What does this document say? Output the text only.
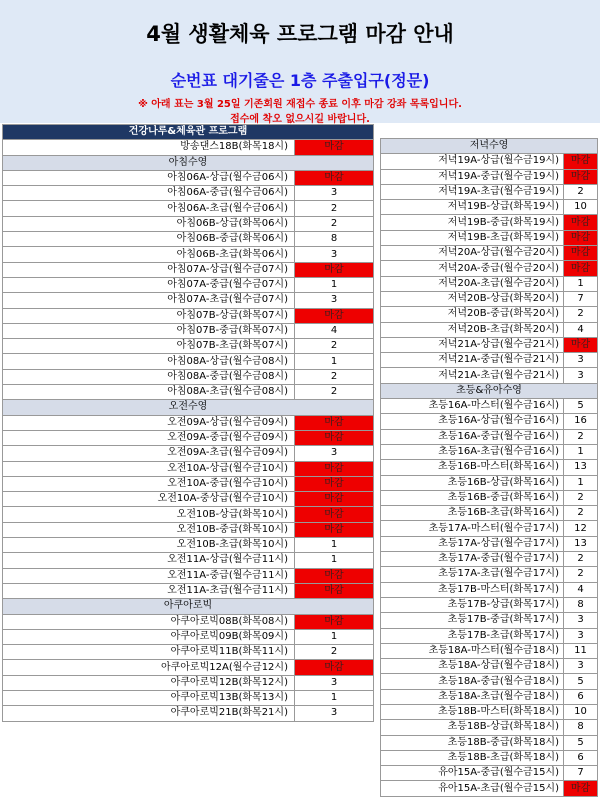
4월 생활체육 프로그램 마감 안내
순번표 대기줄은 1층 주출입구(정문)
※ 아래 표는 3월 25일 기존회원 재접수 종료 이후 마감 강좌 목록입니다.
접수에 착오 없으시길 바랍니다.
건강나루&체육관 프로그램	
방송댄스18B(화목18시)	마감
아침수영	
아침06A-상급(월수금06시)	마감
아침06A-중급(월수금06시)	3
아침06A-초급(월수금06시)	2
아침06B-상급(화목06시)	2
아침06B-중급(화목06시)	8
아침06B-초급(화목06시)	3
아침07A-상급(월수금07시)	마감
아침07A-중급(월수금07시)	1
아침07A-초급(월수금07시)	3
아침07B-상급(화목07시)	마감
아침07B-중급(화목07시)	4
아침07B-초급(화목07시)	2
아침08A-상급(월수금08시)	1
아침08A-중급(월수금08시)	2
아침08A-초급(월수금08시)	2
오전수영	
오전09A-상급(월수금09시)	마감
오전09A-중급(월수금09시)	마감
오전09A-초급(월수금09시)	3
오전10A-상급(월수금10시)	마감
오전10A-중급(월수금10시)	마감
오전10A-중상급(월수금10시)	마감
오전10B-상급(화목10시)	마감
오전10B-중급(화목10시)	마감
오전10B-초급(화목10시)	1
오전11A-상급(월수금11시)	1
오전11A-중급(월수금11시)	마감
오전11A-초급(월수금11시)	마감
아쿠아로빅	
아쿠아로빅08B(화목08시)	마감
아쿠아로빅09B(화목09시)	1
아쿠아로빅11B(화목11시)	2
아쿠아로빅12A(월수금12시)	마감
아쿠아로빅12B(화목12시)	3
아쿠아로빅13B(화목13시)	1
아쿠아로빅21B(화목21시)	3
저녁수영	
저녁19A-상급(월수금19시)	마감
저녁19A-중급(월수금19시)	마감
저녁19A-초급(월수금19시)	2
저녁19B-상급(화목19시)	10
저녁19B-중급(화목19시)	마감
저녁19B-초급(화목19시)	마감
저녁20A-상급(월수금20시)	마감
저녁20A-중급(월수금20시)	마감
저녁20A-초급(월수금20시)	1
저녁20B-상급(화목20시)	7
저녁20B-중급(화목20시)	2
저녁20B-초급(화목20시)	4
저녁21A-상급(월수금21시)	마감
저녁21A-중급(월수금21시)	3
저녁21A-초급(월수금21시)	3
초등&유아수영	
초등16A-마스터(월수금16시)	5
초등16A-상급(월수금16시)	16
초등16A-중급(월수금16시)	2
초등16A-초급(월수금16시)	1
초등16B-마스터(화목16시)	13
초등16B-상급(화목16시)	1
초등16B-중급(화목16시)	2
초등16B-초급(화목16시)	2
초등17A-마스터(월수금17시)	12
초등17A-상급(월수금17시)	13
초등17A-중급(월수금17시)	2
초등17A-초급(월수금17시)	2
초등17B-마스터(화목17시)	4
초등17B-상급(화목17시)	8
초등17B-중급(화목17시)	3
초등17B-초급(화목17시)	3
초등18A-마스터(월수금18시)	11
초등18A-상급(월수금18시)	3
초등18A-중급(월수금18시)	5
초등18A-초급(월수금18시)	6
초등18B-마스터(화목18시)	10
초등18B-상급(화목18시)	8
초등18B-중급(화목18시)	5
초등18B-초급(화목18시)	6
유아15A-중급(월수금15시)	7
유아15A-초급(월수금15시)	마감
